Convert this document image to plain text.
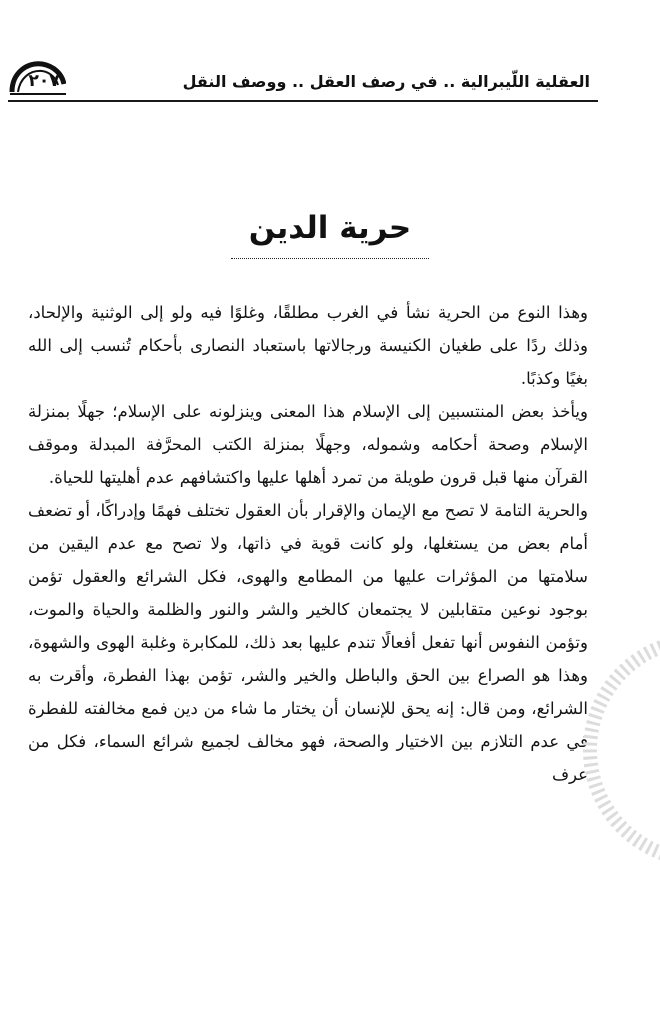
٢٠٧	العقلية اللّيبرالية .. في رصف العقل .. ووصف النقل
حرية الدين

وهذا النوع من الحرية نشأ في الغرب مطلقًا، وغلوًا فيه ولو إلى الوثنية والإلحاد، وذلك ردًا على طغيان الكنيسة ورجالاتها باستعباد النصارى بأحكام تُنسب إلى الله بغيًا وكذبًا.

ويأخذ بعض المنتسبين إلى الإسلام هذا المعنى وينزلونه على الإسلام؛ جهلًا بمنزلة الإسلام وصحة أحكامه وشموله، وجهلًا بمنزلة الكتب المحرَّفة المبدلة وموقف القرآن منها قبل قرون طويلة من تمرد أهلها عليها واكتشافهم عدم أهليتها للحياة.

والحرية التامة لا تصح مع الإيمان والإقرار بأن العقول تختلف فهمًا وإدراكًا، أو تضعف أمام بعض من يستغلها، ولو كانت قوية في ذاتها، ولا تصح مع عدم اليقين من سلامتها من المؤثرات عليها من المطامع والهوى، فكل الشرائع والعقول تؤمن بوجود نوعين متقابلين لا يجتمعان كالخير والشر والنور والظلمة والحياة والموت، وتؤمن النفوس أنها تفعل أفعالًا تندم عليها بعد ذلك، للمكابرة وغلبة الهوى والشهوة، وهذا هو الصراع بين الحق والباطل والخير والشر، تؤمن بهذا الفطرة، وأقرت به الشرائع، ومن قال: إنه يحق للإنسان أن يختار ما شاء من دين فمع مخالفته للفطرة في عدم التلازم بين الاختيار والصحة، فهو مخالف لجميع شرائع السماء، فكل من عرف
